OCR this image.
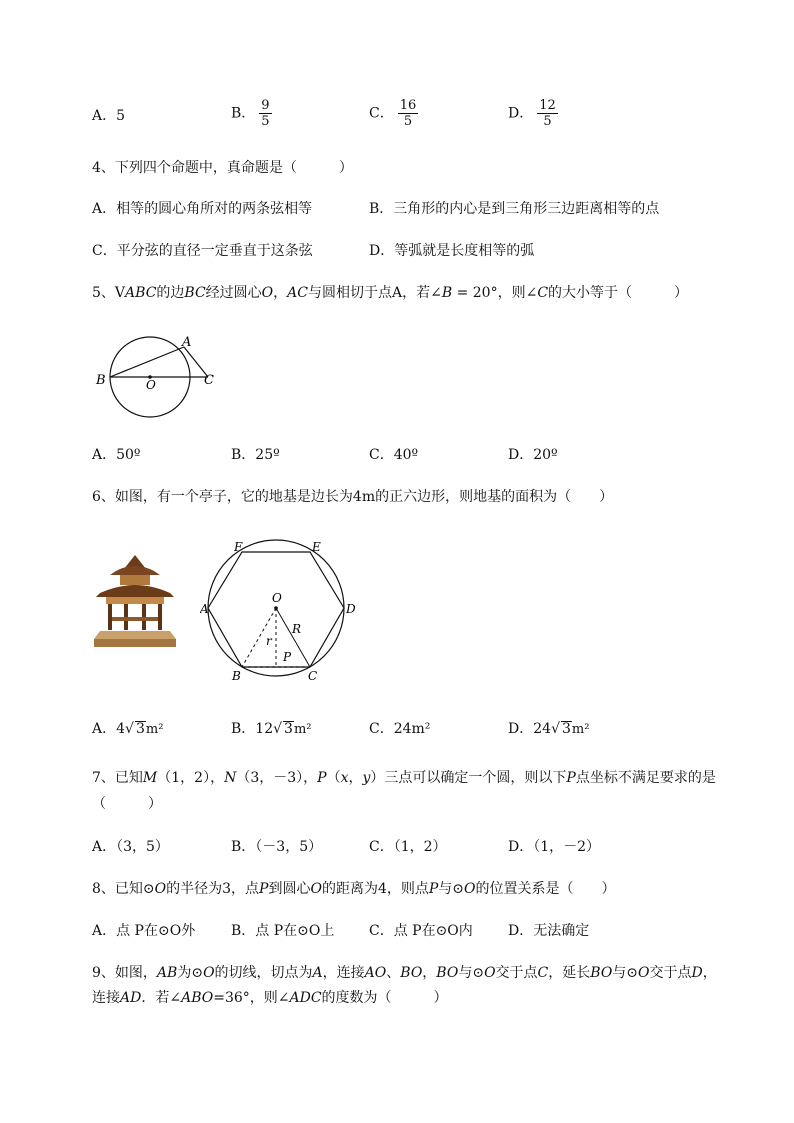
A．5	B． $\frac{9}{5}$	C． $\frac{16}{5}$	D． $\frac{12}{5}$
4、下列四个命题中，真命题是（　　　）
A．相等的圆心角所对的两条弦相等	B．三角形的内心是到三角形三边距离相等的点
C．平分弦的直径一定垂直于这条弦	D．等弧就是长度相等的弧
5、VABC的边BC经过圆心O，AC与圆相切于点A，若∠B = 20°，则∠C的大小等于（　　　）
A
B	O	C
A．50º	B．25º	C．40º	D．20º
6、如图，有一个亭子，它的地基是边长为4m的正六边形，则地基的面积为（　　）
F	E
A	D
O
R
r
P
B	C
A．4√ 3m²	B．12√ 3m²	C．24m²	D．24√ 3m²
7、已知M（1，2），N（3，－3），P（x，y）三点可以确定一个圆，则以下P点坐标不满足要求的是
（　　　）
A．（3，5）	B．（－3，5）	C．（1，2）	D．（1，－2）
8、已知⊙O的半径为3，点P到圆心O的距离为4，则点P与⊙O的位置关系是（　　）
A．点 P在⊙O外	B．点 P在⊙O上 C．点 P在⊙O内	D．无法确定
9、如图，AB为⊙O的切线，切点为A，连接AO、BO，BO与⊙O交于点C，延长BO与⊙O交于点D，
连接AD．若∠ABO=36°，则∠ADC的度数为（　　　）
